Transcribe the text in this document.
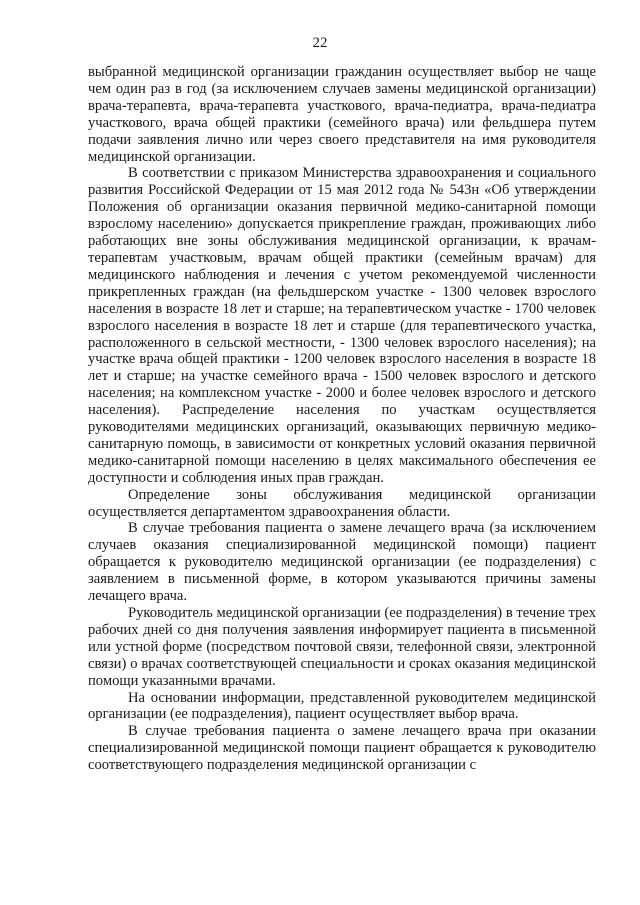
22

выбранной медицинской организации гражданин осуществляет выбор не чаще чем один раз в год (за исключением случаев замены медицинской организации) врача-терапевта, врача-терапевта участкового, врача-педиатра, врача-педиатра участкового, врача общей практики (семейного врача) или фельдшера путем подачи заявления лично или через своего представителя на имя руководителя медицинской организации.

В соответствии с приказом Министерства здравоохранения и социального развития Российской Федерации от 15 мая 2012 года № 543н «Об утверждении Положения об организации оказания первичной медико-санитарной помощи взрослому населению» допускается прикрепление граждан, проживающих либо работающих вне зоны обслуживания медицинской организации, к врачам-терапевтам участковым, врачам общей практики (семейным врачам) для медицинского наблюдения и лечения с учетом рекомендуемой численности прикрепленных граждан (на фельдшерском участке - 1300 человек взрослого населения в возрасте 18 лет и старше; на терапевтическом участке - 1700 человек взрослого населения в возрасте 18 лет и старше (для терапевтического участка, расположенного в сельской местности, - 1300 человек взрослого населения); на участке врача общей практики - 1200 человек взрослого населения в возрасте 18 лет и старше; на участке семейного врача - 1500 человек взрослого и детского населения; на комплексном участке - 2000 и более человек взрослого и детского населения). Распределение населения по участкам осуществляется руководителями медицинских организаций, оказывающих первичную медико-санитарную помощь, в зависимости от конкретных условий оказания первичной медико-санитарной помощи населению в целях максимального обеспечения ее доступности и соблюдения иных прав граждан.

Определение зоны обслуживания медицинской организации осуществляется департаментом здравоохранения области.

В случае требования пациента о замене лечащего врача (за исключением случаев оказания специализированной медицинской помощи) пациент обращается к руководителю медицинской организации (ее подразделения) с заявлением в письменной форме, в котором указываются причины замены лечащего врача.

Руководитель медицинской организации (ее подразделения) в течение трех рабочих дней со дня получения заявления информирует пациента в письменной или устной форме (посредством почтовой связи, телефонной связи, электронной связи) о врачах соответствующей специальности и сроках оказания медицинской помощи указанными врачами.

На основании информации, представленной руководителем медицинской организации (ее подразделения), пациент осуществляет выбор врача.

В случае требования пациента о замене лечащего врача при оказании специализированной медицинской помощи пациент обращается к руководителю соответствующего подразделения медицинской организации с
